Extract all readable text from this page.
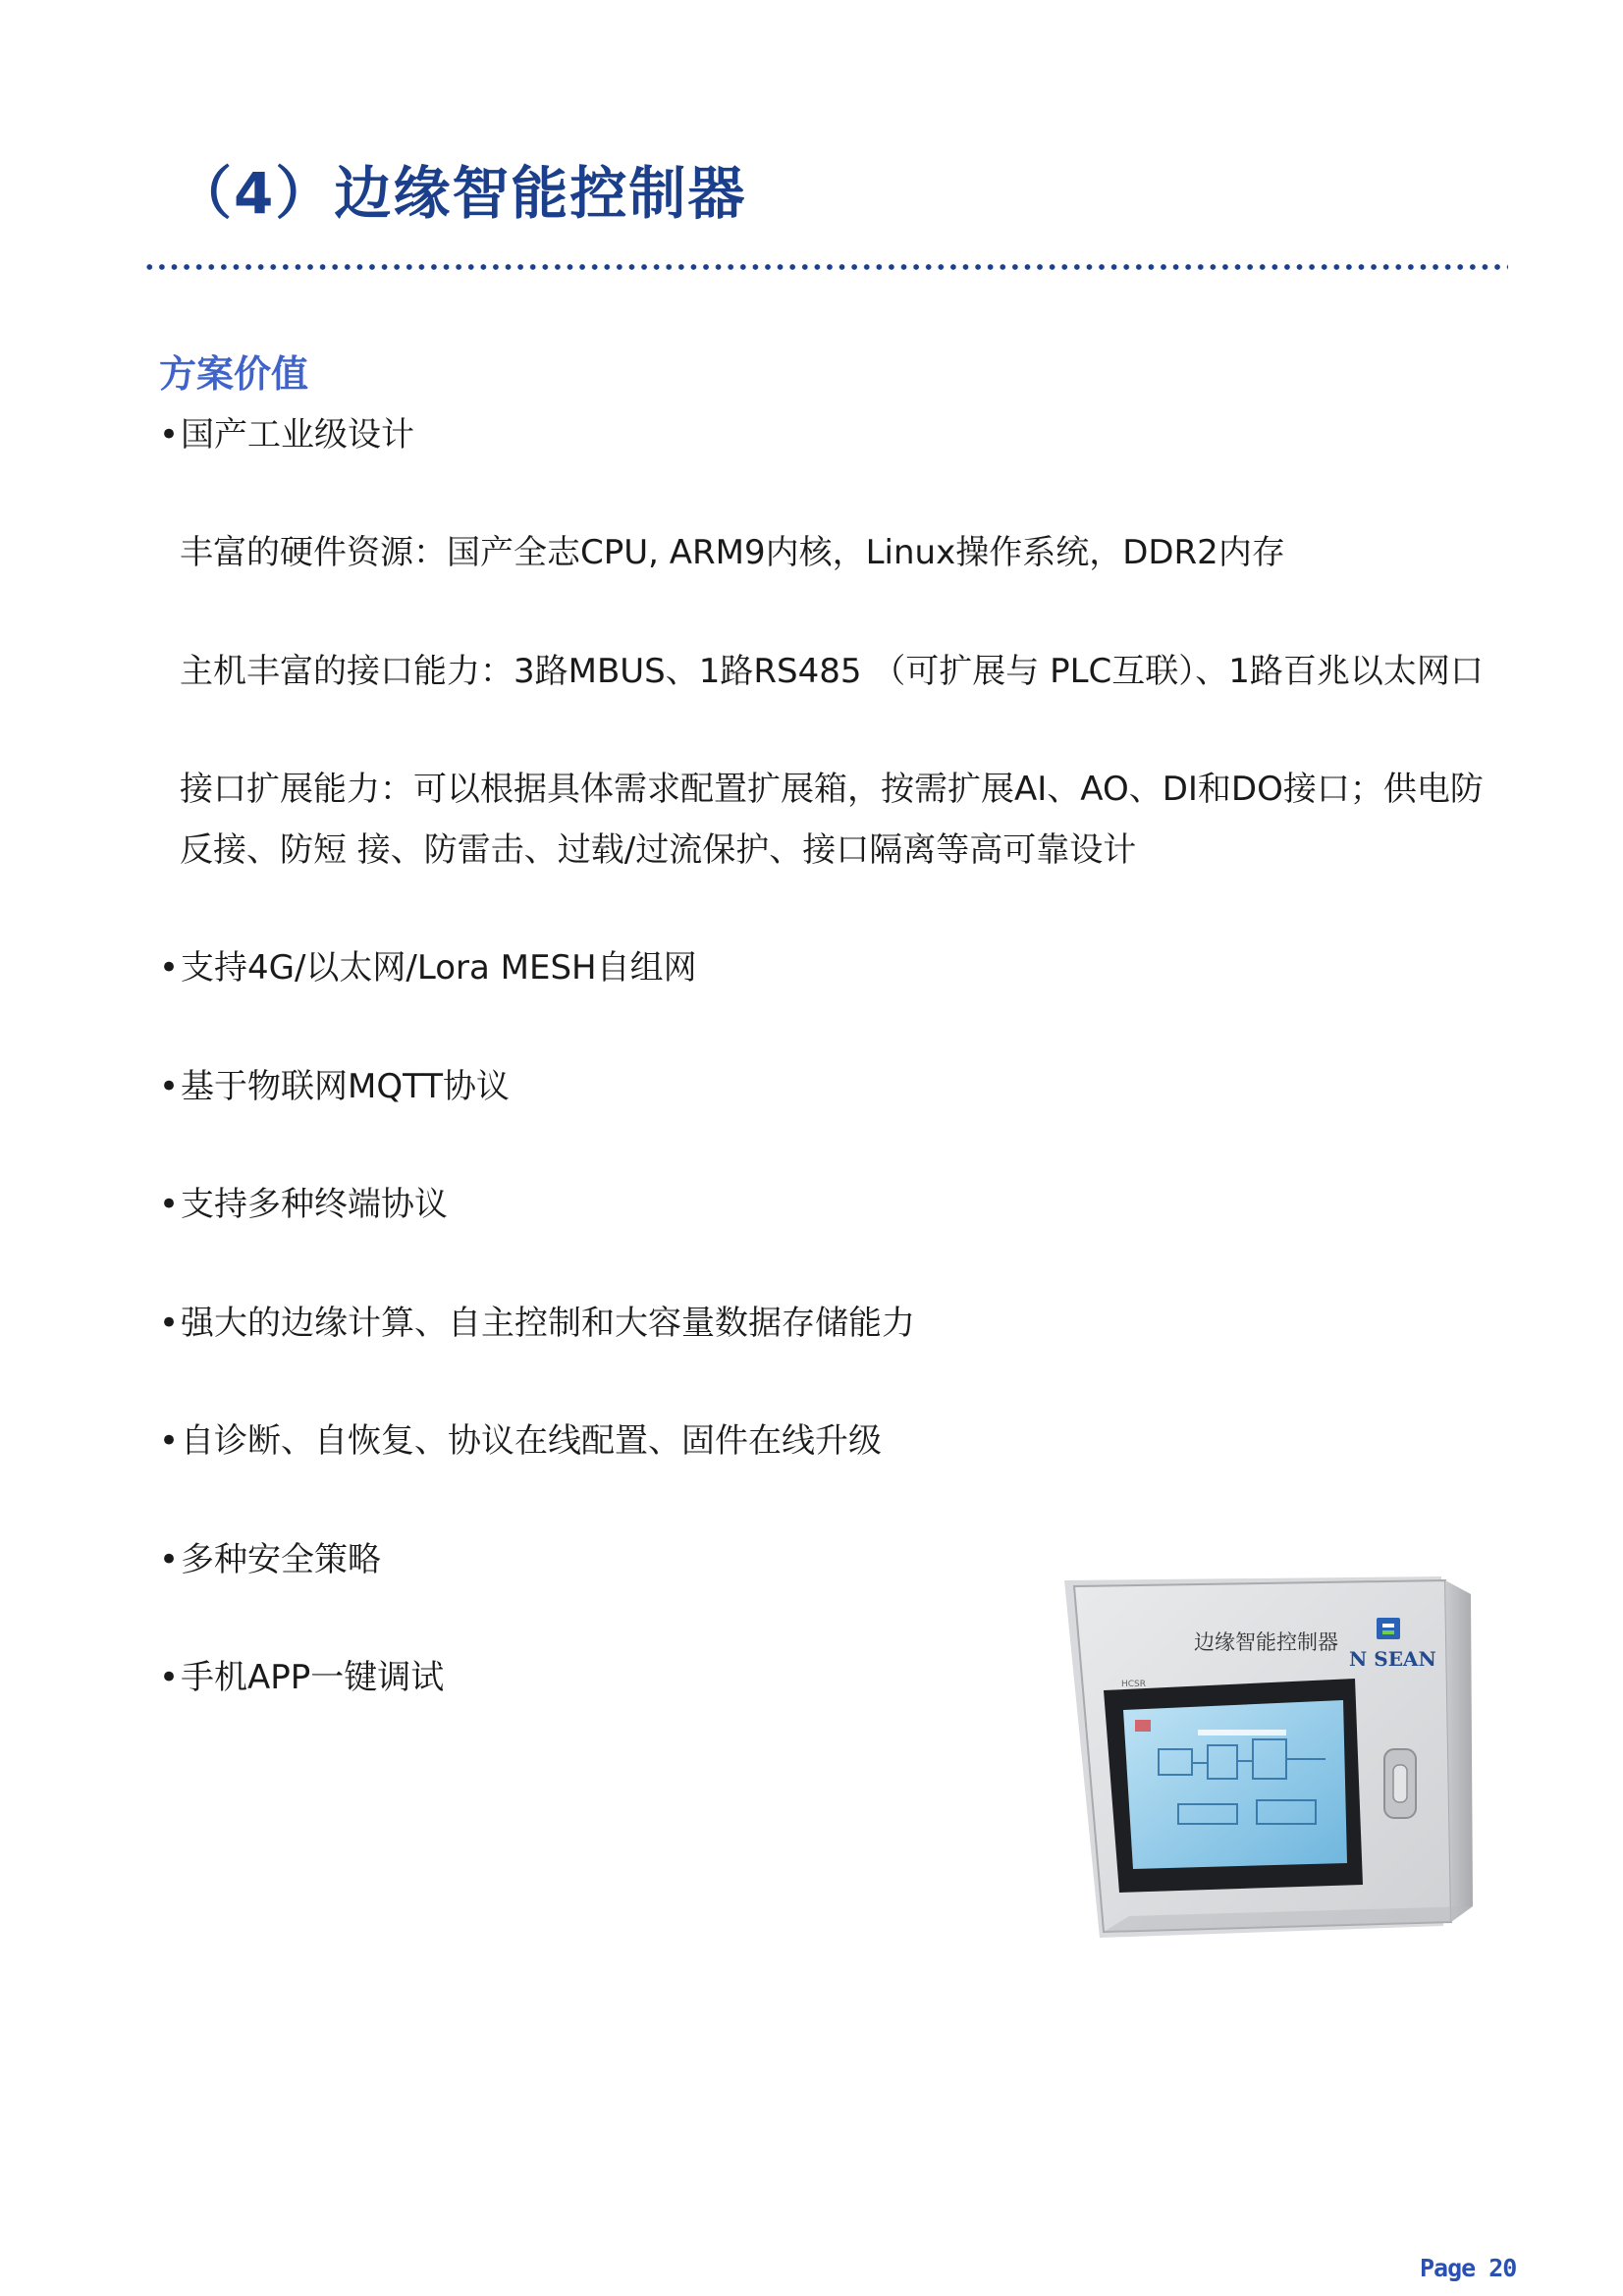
（4）边缘智能控制器
方案价值
•国产工业级设计
丰富的硬件资源：国产全志CPU, ARM9内核，Linux操作系统，DDR2内存
主机丰富的接口能力：3路MBUS、1路RS485 （可扩展与 PLC互联）、1路百兆以太网口
接口扩展能力：可以根据具体需求配置扩展箱，按需扩展AI、AO、DI和DO接口；供电防
反接、防短 接、防雷击、过载/过流保护、接口隔离等高可靠设计
•支持4G/以太网/Lora MESH自组网
•基于物联网MQTT协议
•支持多种终端协议
•强大的边缘计算、自主控制和大容量数据存储能力
•自诊断、自恢复、协议在线配置、固件在线升级
•多种安全策略
•手机APP一键调试
边缘智能控制器
N SEAN
HCSR
Page 20
